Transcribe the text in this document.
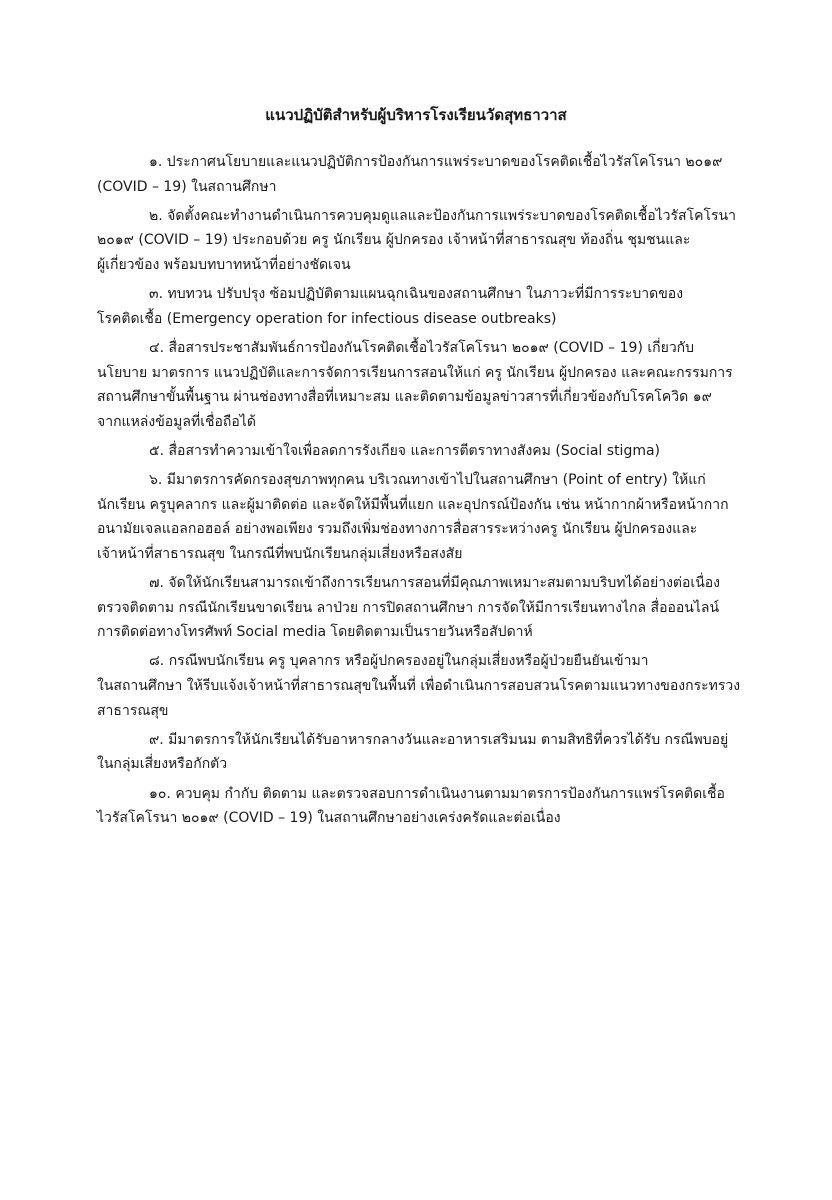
แนวปฏิบัติสำหรับผู้บริหารโรงเรียนวัดสุทธาวาส
๑. ประกาศนโยบายและแนวปฏิบัติการป้องกันการแพร่ระบาดของโรคติดเชื้อไวรัสโคโรนา ๒๐๑๙
(COVID – 19) ในสถานศึกษา
๒. จัดตั้งคณะทำงานดำเนินการควบคุมดูแลและป้องกันการแพร่ระบาดของโรคติดเชื้อไวรัสโคโรนา
๒๐๑๙ (COVID – 19) ประกอบด้วย ครู นักเรียน ผู้ปกครอง เจ้าหน้าที่สาธารณสุข ท้องถิ่น ชุมชนและ
ผู้เกี่ยวข้อง พร้อมบทบาทหน้าที่อย่างชัดเจน
๓. ทบทวน ปรับปรุง ซ้อมปฏิบัติตามแผนฉุกเฉินของสถานศึกษา ในภาวะที่มีการระบาดของ
โรคติดเชื้อ (Emergency operation for infectious disease outbreaks)
๔. สื่อสารประชาสัมพันธ์การป้องกันโรคติดเชื้อไวรัสโคโรนา ๒๐๑๙ (COVID – 19) เกี่ยวกับ
นโยบาย มาตรการ แนวปฏิบัติและการจัดการเรียนการสอนให้แก่ ครู นักเรียน ผู้ปกครอง และคณะกรรมการ
สถานศึกษาขั้นพื้นฐาน ผ่านช่องทางสื่อที่เหมาะสม และติดตามข้อมูลข่าวสารที่เกี่ยวข้องกับโรคโควิด ๑๙
จากแหล่งข้อมูลที่เชื่อถือได้
๕. สื่อสารทำความเข้าใจเพื่อลดการรังเกียจ และการตีตราทางสังคม (Social stigma)
๖. มีมาตรการคัดกรองสุขภาพทุกคน บริเวณทางเข้าไปในสถานศึกษา (Point of entry) ให้แก่
นักเรียน ครูบุคลากร และผู้มาติดต่อ และจัดให้มีพื้นที่แยก และอุปกรณ์ป้องกัน เช่น หน้ากากผ้าหรือหน้ากาก
อนามัยเจลแอลกอฮอล์ อย่างพอเพียง รวมถึงเพิ่มช่องทางการสื่อสารระหว่างครู นักเรียน ผู้ปกครองและ
เจ้าหน้าที่สาธารณสุข ในกรณีที่พบนักเรียนกลุ่มเสี่ยงหรือสงสัย
๗. จัดให้นักเรียนสามารถเข้าถึงการเรียนการสอนที่มีคุณภาพเหมาะสมตามบริบทได้อย่างต่อเนื่อง
ตรวจติดตาม กรณีนักเรียนขาดเรียน ลาป่วย การปิดสถานศึกษา การจัดให้มีการเรียนทางไกล สื่อออนไลน์
การติดต่อทางโทรศัพท์ Social media โดยติดตามเป็นรายวันหรือสัปดาห์
๘. กรณีพบนักเรียน ครู บุคลากร หรือผู้ปกครองอยู่ในกลุ่มเสี่ยงหรือผู้ป่วยยืนยันเข้ามา
ในสถานศึกษา ให้รีบแจ้งเจ้าหน้าที่สาธารณสุขในพื้นที่ เพื่อดำเนินการสอบสวนโรคตามแนวทางของกระทรวง
สาธารณสุข
๙. มีมาตรการให้นักเรียนได้รับอาหารกลางวันและอาหารเสริมนม ตามสิทธิที่ควรได้รับ กรณีพบอยู่
ในกลุ่มเสี่ยงหรือกักตัว
๑๐. ควบคุม กำกับ ติดตาม และตรวจสอบการดำเนินงานตามมาตรการป้องกันการแพร่โรคติดเชื้อ
ไวรัสโคโรนา ๒๐๑๙ (COVID – 19) ในสถานศึกษาอย่างเคร่งครัดและต่อเนื่อง
